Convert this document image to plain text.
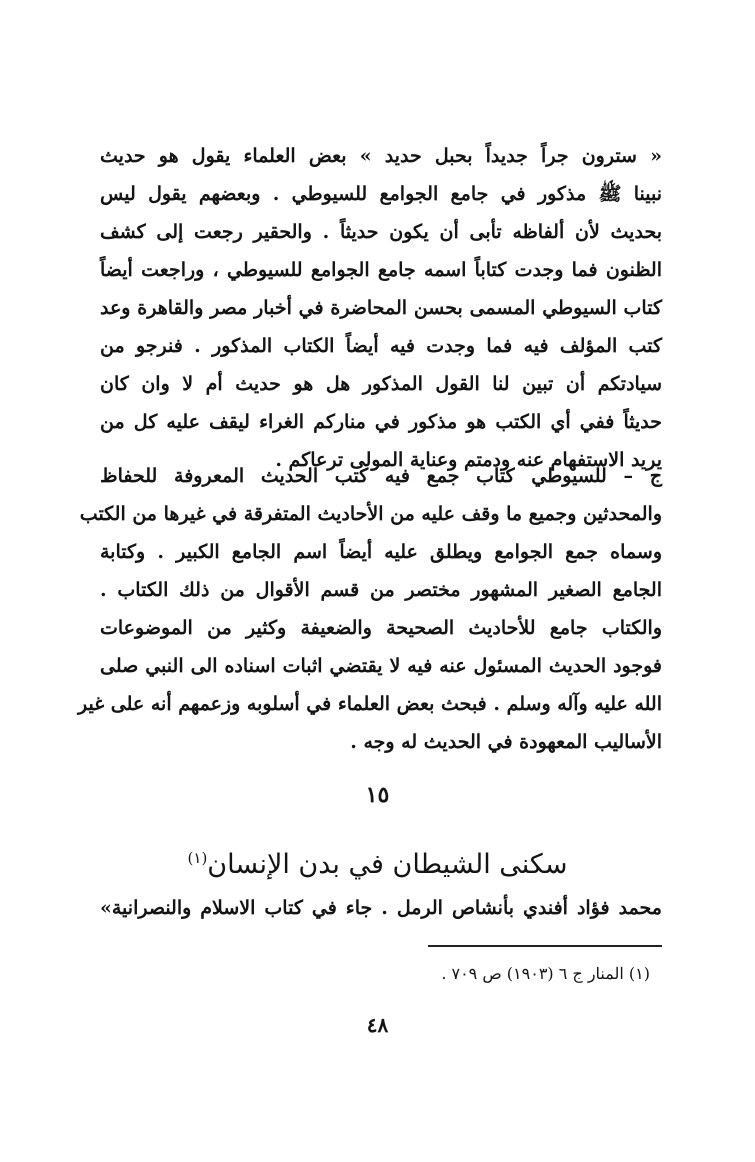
« سترون جراً جديداً بحبل حديد » بعض العلماء يقول هو حديث
نبينا ﷺ مذكور في جامع الجوامع للسيوطي . وبعضهم يقول ليس
بحديث لأن ألفاظه تأبى أن يكون حديثاً . والحقير رجعت إلى كشف
الظنون فما وجدت كتاباً اسمه جامع الجوامع للسيوطي ، وراجعت أيضاً
كتاب السيوطي المسمى بحسن المحاضرة في أخبار مصر والقاهرة وعد
كتب المؤلف فيه فما وجدت فيه أيضاً الكتاب المذكور . فنرجو من
سيادتكم أن تبين لنا القول المذكور هل هو حديث أم لا وان كان
حديثاً ففي أي الكتب هو مذكور في مناركم الغراء ليقف عليه كل من
يريد الاستفهام عنه ودمتم وعناية المولى ترعاكم .
ج – للسيوطي كتاب جمع فيه كتب الحديث المعروفة للحفاظ
والمحدثين وجميع ما وقف عليه من الأحاديث المتفرقة في غيرها من الكتب
وسماه جمع الجوامع ويطلق عليه أيضاً اسم الجامع الكبير . وكتابة
الجامع الصغير المشهور مختصر من قسم الأقوال من ذلك الكتاب .
والكتاب جامع للأحاديث الصحيحة والضعيفة وكثير من الموضوعات
فوجود الحديث المسئول عنه فيه لا يقتضي اثبات اسناده الى النبي صلى
الله عليه وآله وسلم . فبحث بعض العلماء في أسلوبه وزعمهم أنه على غير
الأساليب المعهودة في الحديث له وجه .
١٥
سكنى الشيطان في بدن الإنسان$^{(١)}$
محمد فؤاد أفندي بأنشاص الرمل . جاء في كتاب الاسلام والنصرانية»
(١) المنار ج ٦ (١٩٠٣) ص ٧٠٩ .
٤٨
